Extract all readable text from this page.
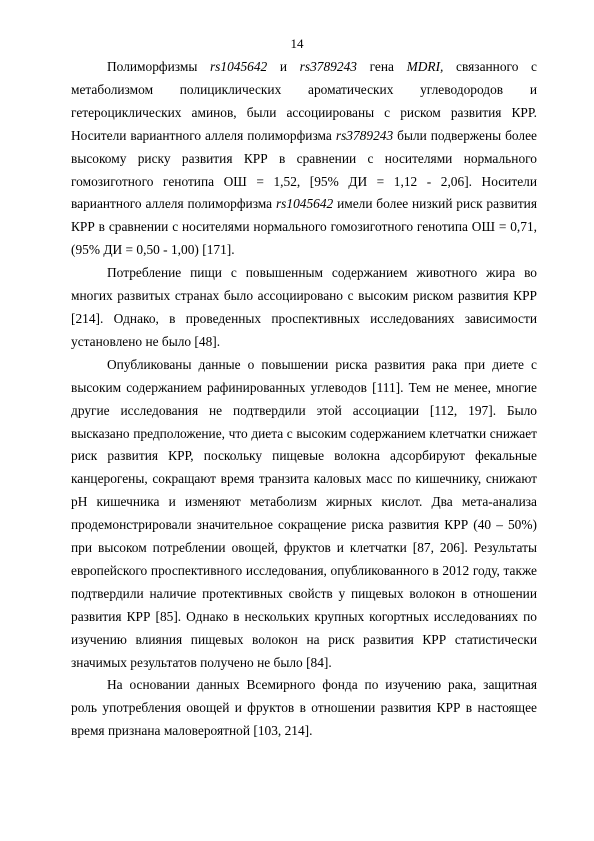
14

Полиморфизмы rs1045642 и rs3789243 гена MDRI, связанного с метаболизмом полициклических ароматических углеводородов и гетероциклических аминов, были ассоциированы с риском развития КРР. Носители вариантного аллеля полиморфизма rs3789243 были подвержены более высокому риску развития КРР в сравнении с носителями нормального гомозиготного генотипа ОШ = 1,52, [95% ДИ = 1,12 - 2,06]. Носители вариантного аллеля полиморфизма rs1045642 имели более низкий риск развития КРР в сравнении с носителями нормального гомозиготного генотипа ОШ = 0,71, (95% ДИ = 0,50 - 1,00) [171].

Потребление пищи с повышенным содержанием животного жира во многих развитых странах было ассоциировано с высоким риском развития КРР [214]. Однако, в проведенных проспективных исследованиях зависимости установлено не было [48].

Опубликованы данные о повышении риска развития рака при диете с высоким содержанием рафинированных углеводов [111]. Тем не менее, многие другие исследования не подтвердили этой ассоциации [112, 197]. Было высказано предположение, что диета с высоким содержанием клетчатки снижает риск развития КРР, поскольку пищевые волокна адсорбируют фекальные канцерогены, сокращают время транзита каловых масс по кишечнику, снижают pH кишечника и изменяют метаболизм жирных кислот. Два мета-анализа продемонстрировали значительное сокращение риска развития КРР (40 – 50%) при высоком потреблении овощей, фруктов и клетчатки [87, 206]. Результаты европейского проспективного исследования, опубликованного в 2012 году, также подтвердили наличие протективных свойств у пищевых волокон в отношении развития КРР [85]. Однако в нескольких крупных когортных исследованиях по изучению влияния пищевых волокон на риск развития КРР статистически значимых результатов получено не было [84].

На основании данных Всемирного фонда по изучению рака, защитная роль употребления овощей и фруктов в отношении развития КРР в настоящее время признана маловероятной [103, 214].
